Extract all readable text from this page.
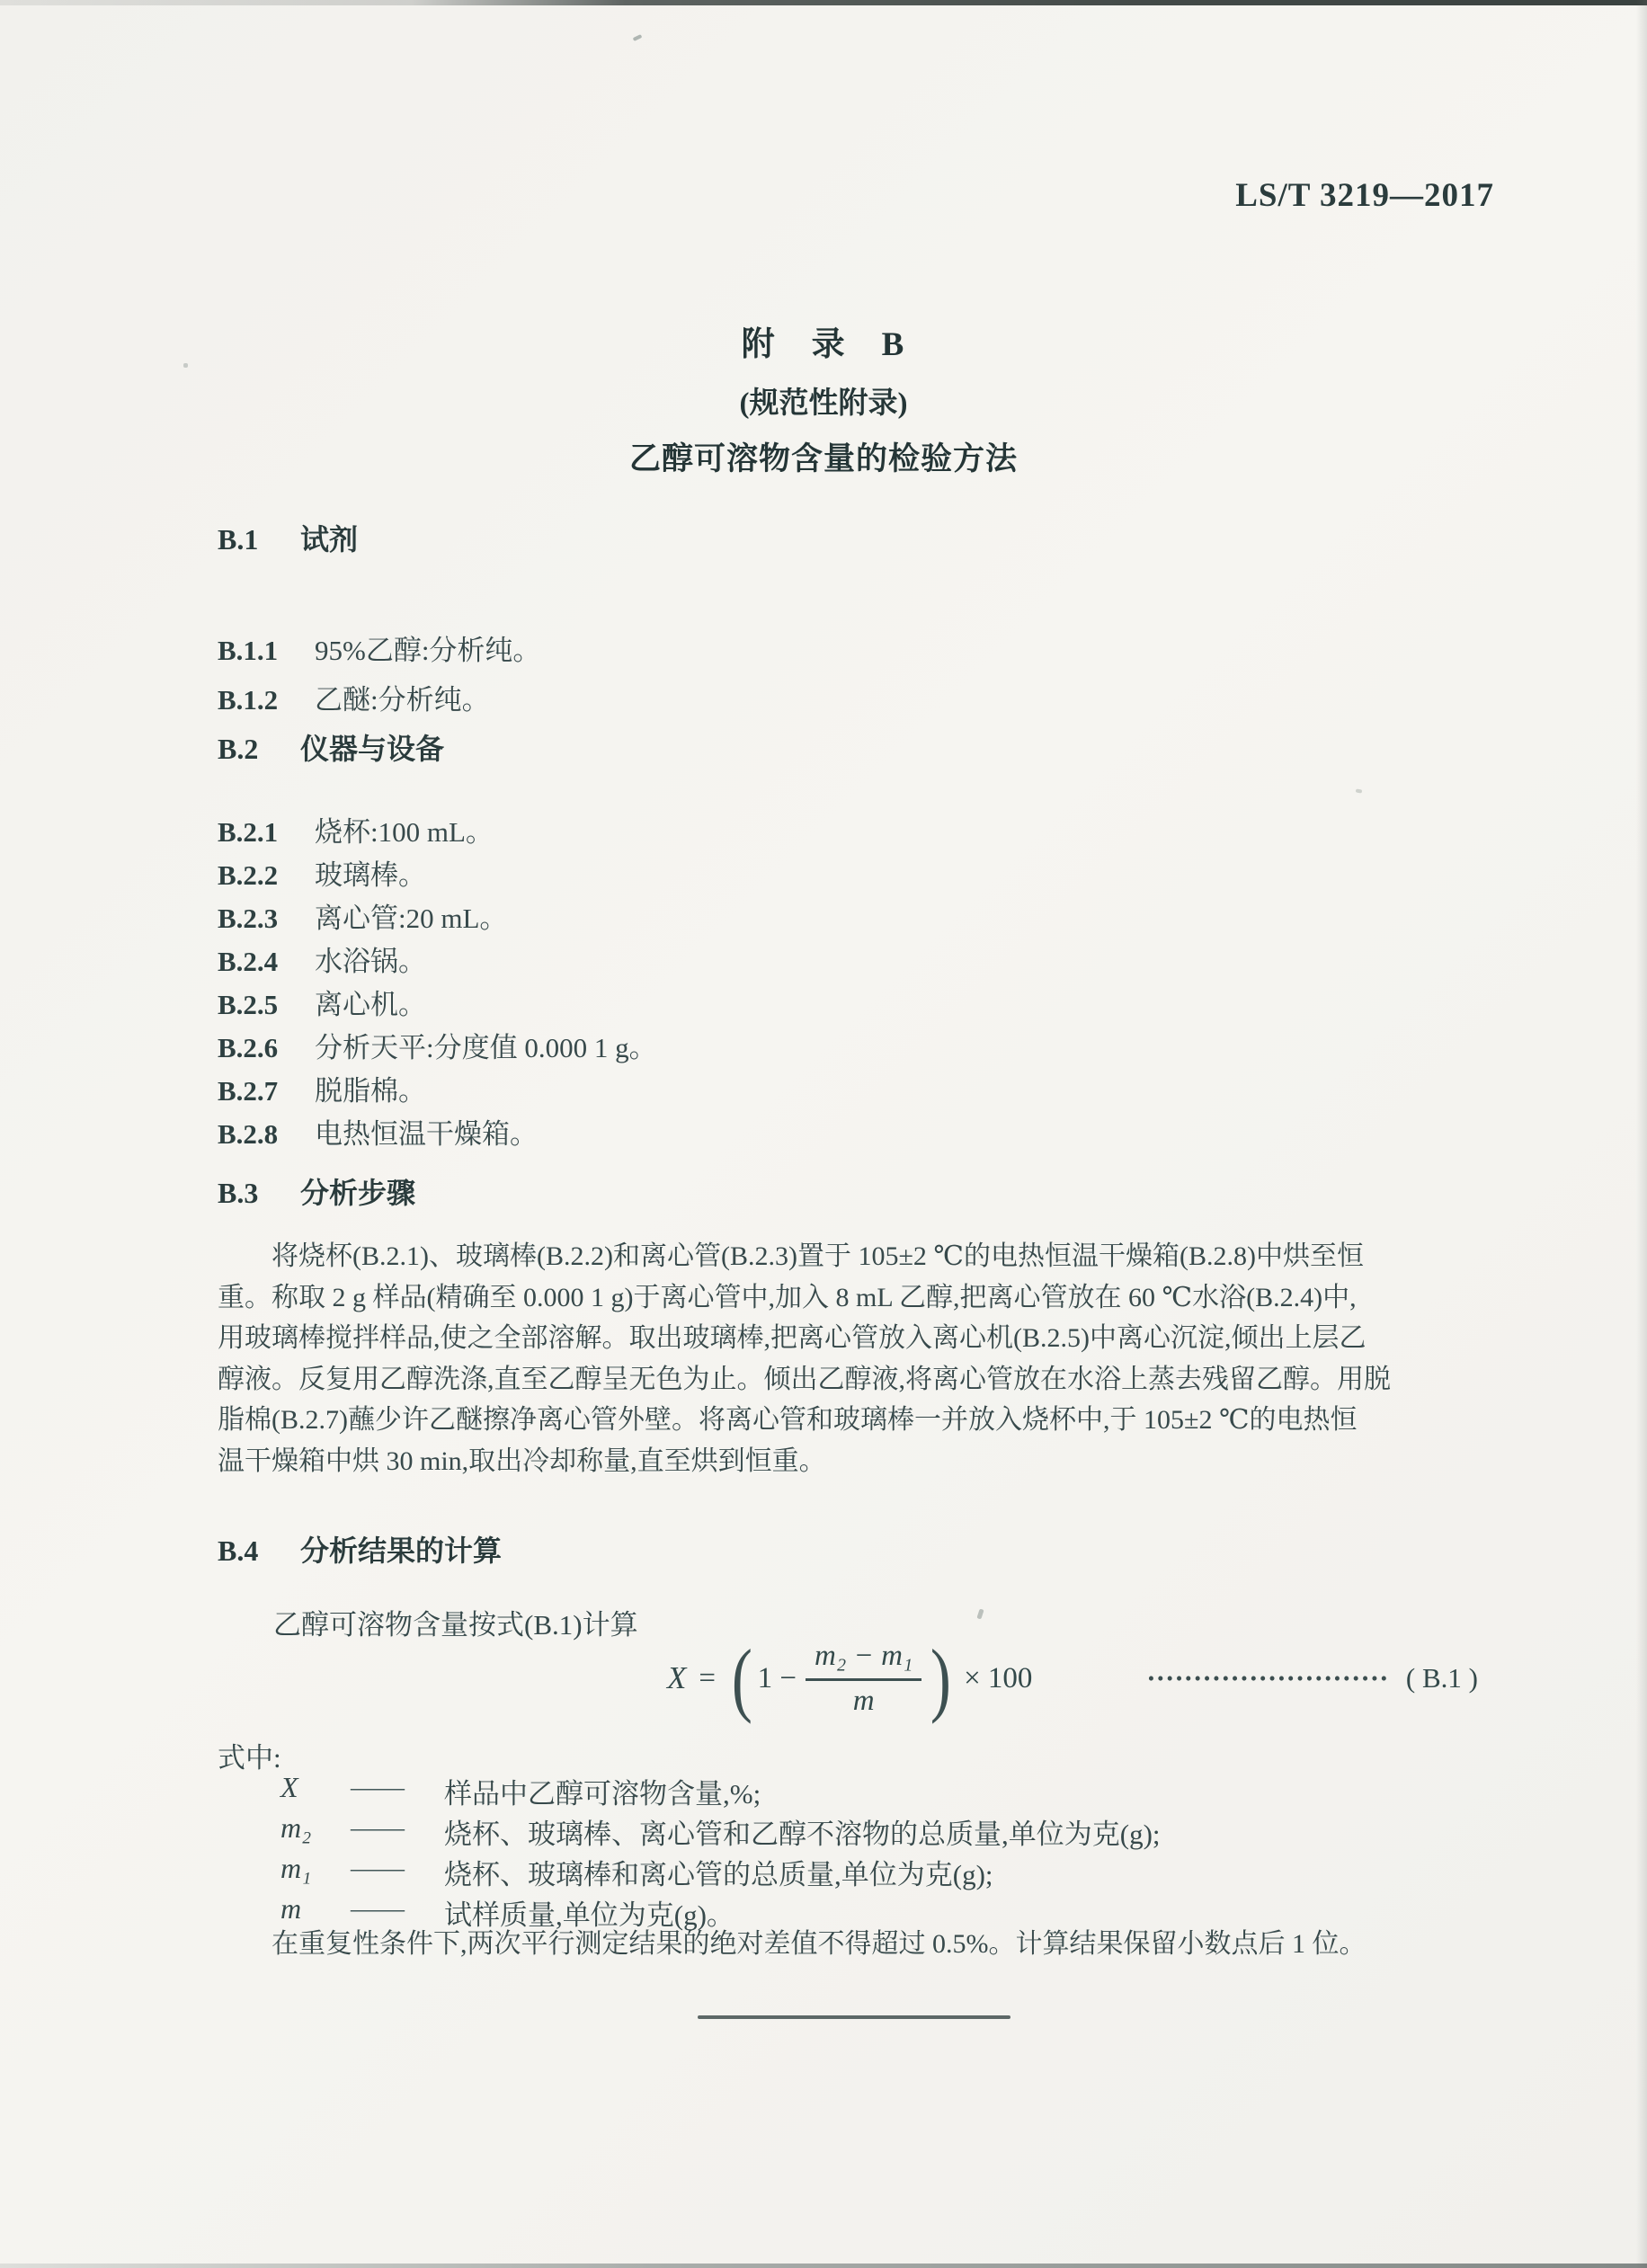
LS/T 3219—2017
附　录　B
(规范性附录)
乙醇可溶物含量的检验方法
B.1 试剂
B.1.1 95%乙醇:分析纯。
B.1.2 乙醚:分析纯。
B.2 仪器与设备
B.2.1 烧杯:100 mL。
B.2.2 玻璃棒。
B.2.3 离心管:20 mL。
B.2.4 水浴锅。
B.2.5 离心机。
B.2.6 分析天平:分度值 0.000 1 g。
B.2.7 脱脂棉。
B.2.8 电热恒温干燥箱。
B.3 分析步骤
将烧杯(B.2.1)、玻璃棒(B.2.2)和离心管(B.2.3)置于 105±2 ℃的电热恒温干燥箱(B.2.8)中烘至恒
重。称取 2 g 样品(精确至 0.000 1 g)于离心管中,加入 8 mL 乙醇,把离心管放在 60 ℃水浴(B.2.4)中,
用玻璃棒搅拌样品,使之全部溶解。取出玻璃棒,把离心管放入离心机(B.2.5)中离心沉淀,倾出上层乙
醇液。反复用乙醇洗涤,直至乙醇呈无色为止。倾出乙醇液,将离心管放在水浴上蒸去残留乙醇。用脱
脂棉(B.2.7)蘸少许乙醚擦净离心管外壁。将离心管和玻璃棒一并放入烧杯中,于 105±2 ℃的电热恒
温干燥箱中烘 30 min,取出冷却称量,直至烘到恒重。
B.4 分析结果的计算
乙醇可溶物含量按式(B.1)计算
X = ( $1 - \frac{\text{m₂ − m₁}}{m}$ ) × 100	•••••••••••••••••••••••••• ( B.1 )
式中:
X	——	样品中乙醇可溶物含量,%;
m₂	——	烧杯、玻璃棒、离心管和乙醇不溶物的总质量,单位为克(g);
m₁	——	烧杯、玻璃棒和离心管的总质量,单位为克(g);
m	——	试样质量,单位为克(g)。
在重复性条件下,两次平行测定结果的绝对差值不得超过 0.5%。计算结果保留小数点后 1 位。
